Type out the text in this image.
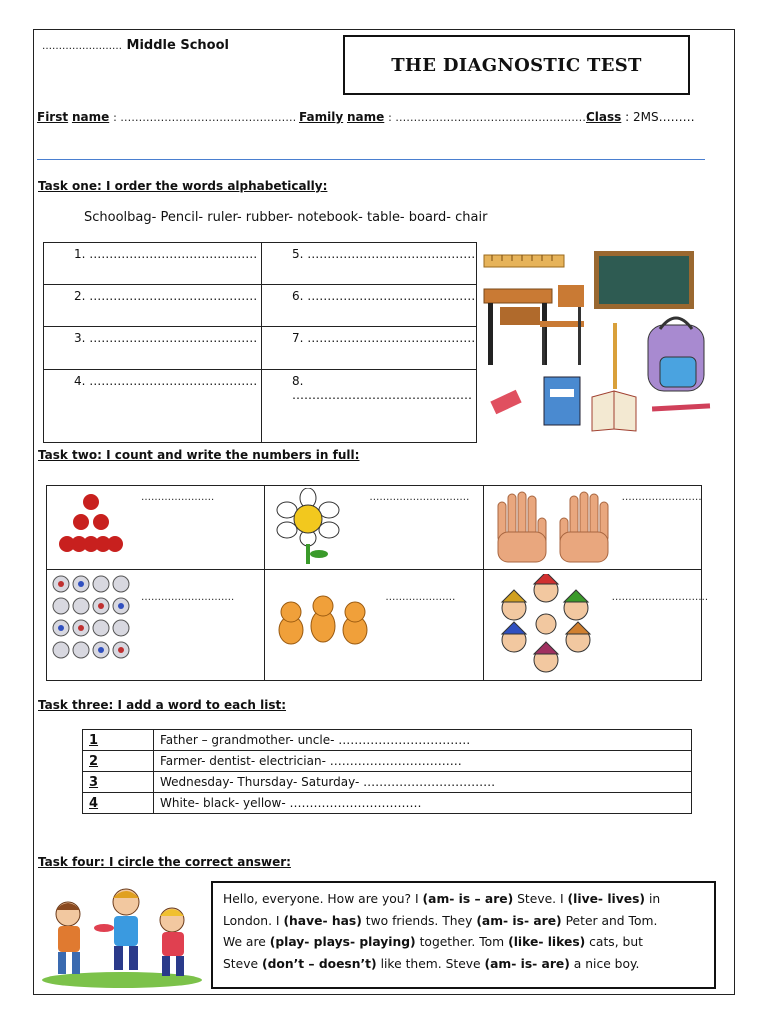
…………………… Middle School
THE DIAGNOSTIC TEST
First name : ………………………………………… Family name : ………………………………………………
Class : 2MS………
Task one: I order the words alphabetically:
Schoolbag- Pencil- ruler- rubber- notebook- table- board- chair
1. ……………………………………	5. ……………………………………
2. ……………………………………	6. ……………………………………
3. ……………………………………	7. ……………………………………
4. ……………………………………	8. ………………………………………
Task two: I count and write the numbers in full:
………………….	…………………………	……………………

……………………….	…………………	………………………..
Task three: I add a word to each list:
1	Father – grandmother- uncle- ……………………………
2	Farmer- dentist- electrician- ……………………………
3	Wednesday- Thursday- Saturday- ……………………………
4	White- black- yellow- ……………………………
Task four: I circle the correct answer:
Hello, everyone. How are you? I (am- is – are) Steve. I (live- lives) in
London. I (have- has) two friends. They (am- is- are) Peter and Tom.
We are (play- plays- playing) together. Tom (like- likes) cats, but
Steve (don’t – doesn’t) like them. Steve (am- is- are) a nice boy.
